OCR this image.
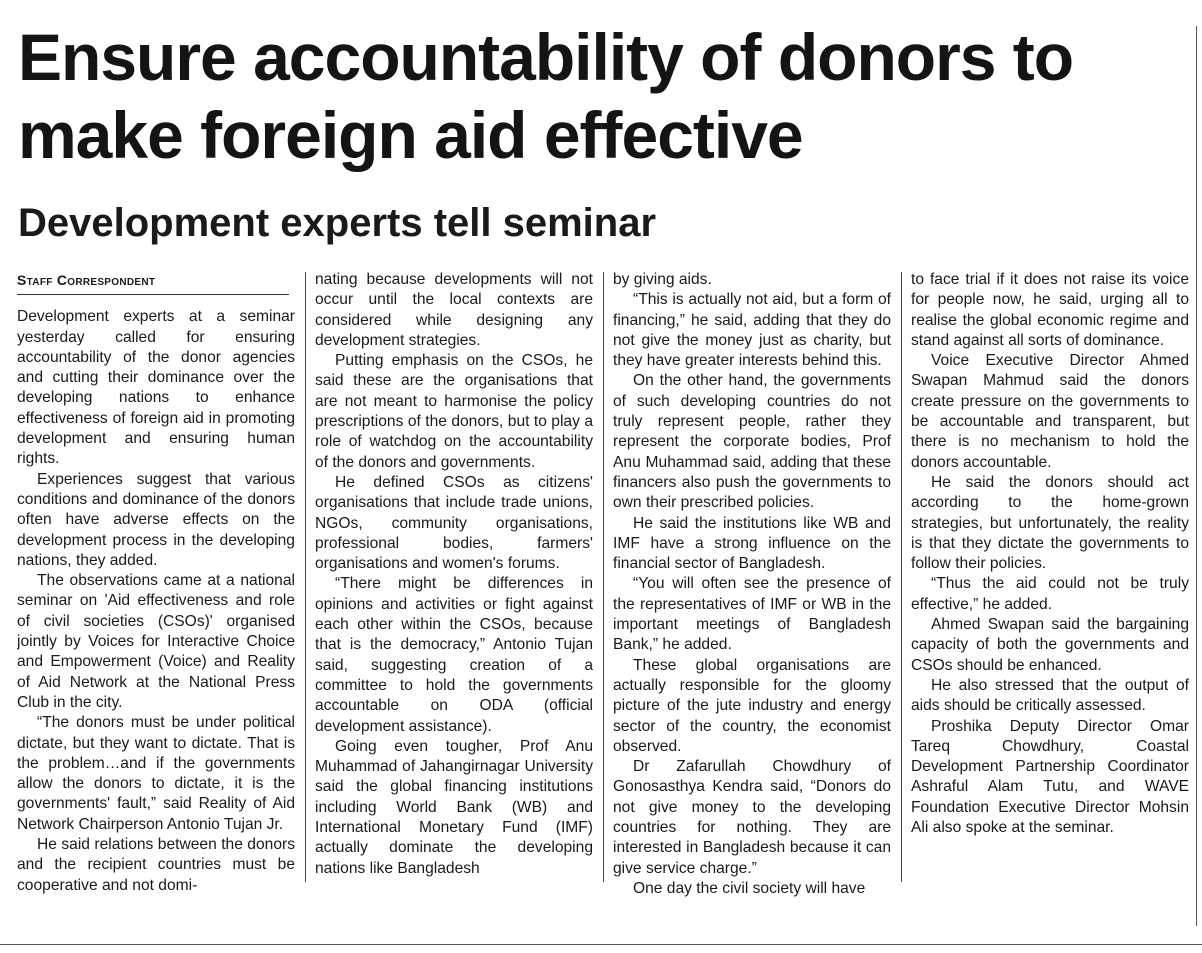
Ensure accountability of donors to make foreign aid effective
Development experts tell seminar
Staff Correspondent

Development experts at a seminar yesterday called for ensuring accountability of the donor agencies and cutting their dominance over the developing nations to enhance effectiveness of foreign aid in promoting development and ensuring human rights.

Experiences suggest that various conditions and dominance of the donors often have adverse effects on the development process in the developing nations, they added.

The observations came at a national seminar on 'Aid effectiveness and role of civil societies (CSOs)' organised jointly by Voices for Interactive Choice and Empowerment (Voice) and Reality of Aid Network at the National Press Club in the city.

“The donors must be under political dictate, but they want to dictate. That is the problem…and if the governments allow the donors to dictate, it is the governments' fault,” said Reality of Aid Network Chairperson Antonio Tujan Jr.

He said relations between the donors and the recipient countries must be cooperative and not domi-

nating because developments will not occur until the local contexts are considered while designing any development strategies.

Putting emphasis on the CSOs, he said these are the organisations that are not meant to harmonise the policy prescriptions of the donors, but to play a role of watchdog on the accountability of the donors and governments.

He defined CSOs as citizens' organisations that include trade unions, NGOs, community organisations, professional bodies, farmers' organisations and women's forums.

“There might be differences in opinions and activities or fight against each other within the CSOs, because that is the democracy,” Antonio Tujan said, suggesting creation of a committee to hold the governments accountable on ODA (official development assistance).

Going even tougher, Prof Anu Muhammad of Jahangirnagar University said the global financing institutions including World Bank (WB) and International Monetary Fund (IMF) actually dominate the developing nations like Bangladesh

by giving aids.

“This is actually not aid, but a form of financing,” he said, adding that they do not give the money just as charity, but they have greater interests behind this.

On the other hand, the governments of such developing countries do not truly represent people, rather they represent the corporate bodies, Prof Anu Muhammad said, adding that these financers also push the governments to own their prescribed policies.

He said the institutions like WB and IMF have a strong influence on the financial sector of Bangladesh.

“You will often see the presence of the representatives of IMF or WB in the important meetings of Bangladesh Bank,” he added.

These global organisations are actually responsible for the gloomy picture of the jute industry and energy sector of the country, the economist observed.

Dr Zafarullah Chowdhury of Gonosasthya Kendra said, “Donors do not give money to the developing countries for nothing. They are interested in Bangladesh because it can give service charge.”

One day the civil society will have

to face trial if it does not raise its voice for people now, he said, urging all to realise the global economic regime and stand against all sorts of dominance.

Voice Executive Director Ahmed Swapan Mahmud said the donors create pressure on the governments to be accountable and transparent, but there is no mechanism to hold the donors accountable.

He said the donors should act according to the home-grown strategies, but unfortunately, the reality is that they dictate the governments to follow their policies.

“Thus the aid could not be truly effective,” he added.

Ahmed Swapan said the bargaining capacity of both the governments and CSOs should be enhanced.

He also stressed that the output of aids should be critically assessed.

Proshika Deputy Director Omar Tareq Chowdhury, Coastal Development Partnership Coordinator Ashraful Alam Tutu, and WAVE Foundation Executive Director Mohsin Ali also spoke at the seminar.
